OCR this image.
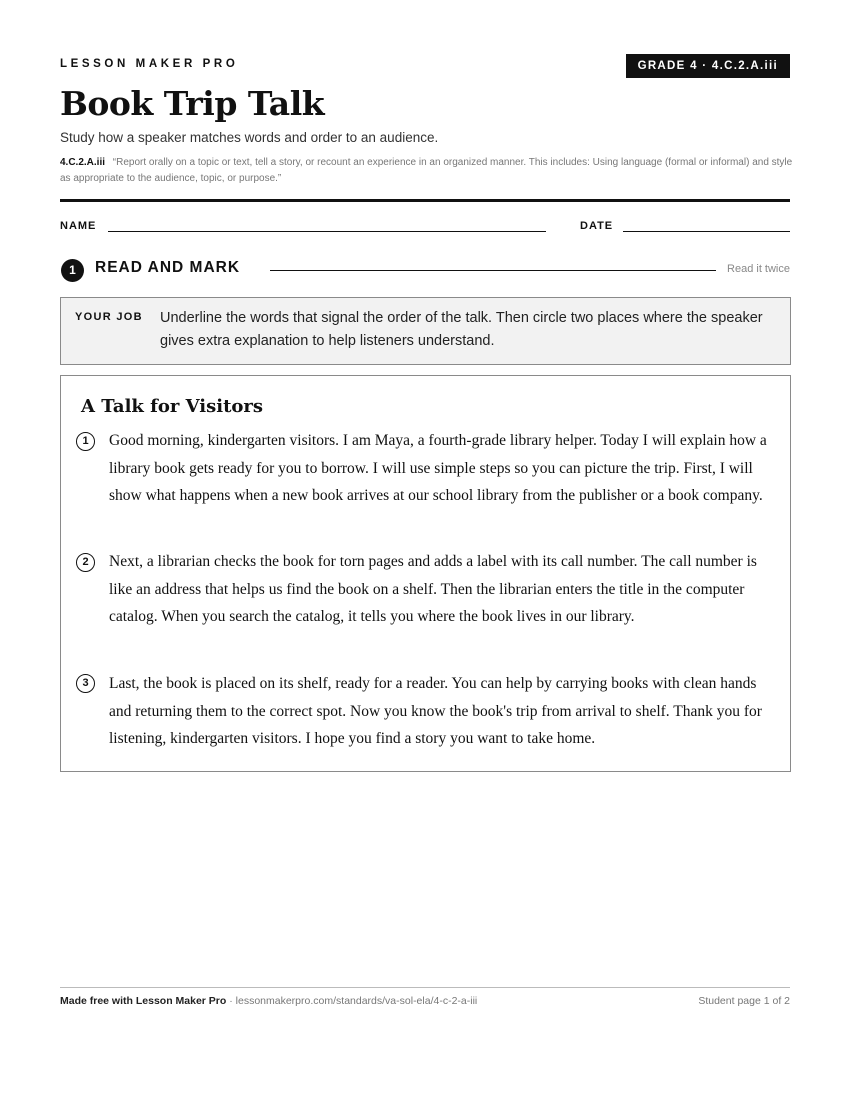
LESSON MAKER PRO	GRADE 4 · 4.C.2.A.iii
Book Trip Talk
Study how a speaker matches words and order to an audience.
4.C.2.A.iii “Report orally on a topic or text, tell a story, or recount an experience in an organized manner. This includes: Using language (formal or informal) and style as appropriate to the audience, topic, or purpose.”
NAME	DATE
1	READ AND MARK	Read it twice
YOUR JOB Underline the words that signal the order of the talk. Then circle two places where the speaker gives extra explanation to help listeners understand.
A Talk for Visitors
1	Good morning, kindergarten visitors. I am Maya, a fourth-grade library helper. Today I will explain how a library book gets ready for you to borrow. I will use simple steps so you can picture the trip. First, I will show what happens when a new book arrives at our school library from the publisher or a book company.
2	Next, a librarian checks the book for torn pages and adds a label with its call number. The call number is like an address that helps us find the book on a shelf. Then the librarian enters the title in the computer catalog. When you search the catalog, it tells you where the book lives in our library.
3	Last, the book is placed on its shelf, ready for a reader. You can help by carrying books with clean hands and returning them to the correct spot. Now you know the book's trip from arrival to shelf. Thank you for listening, kindergarten visitors. I hope you find a story you want to take home.
Made free with Lesson Maker Pro · lessonmakerpro.com/standards/va-sol-ela/4-c-2-a-iii	Student page 1 of 2
